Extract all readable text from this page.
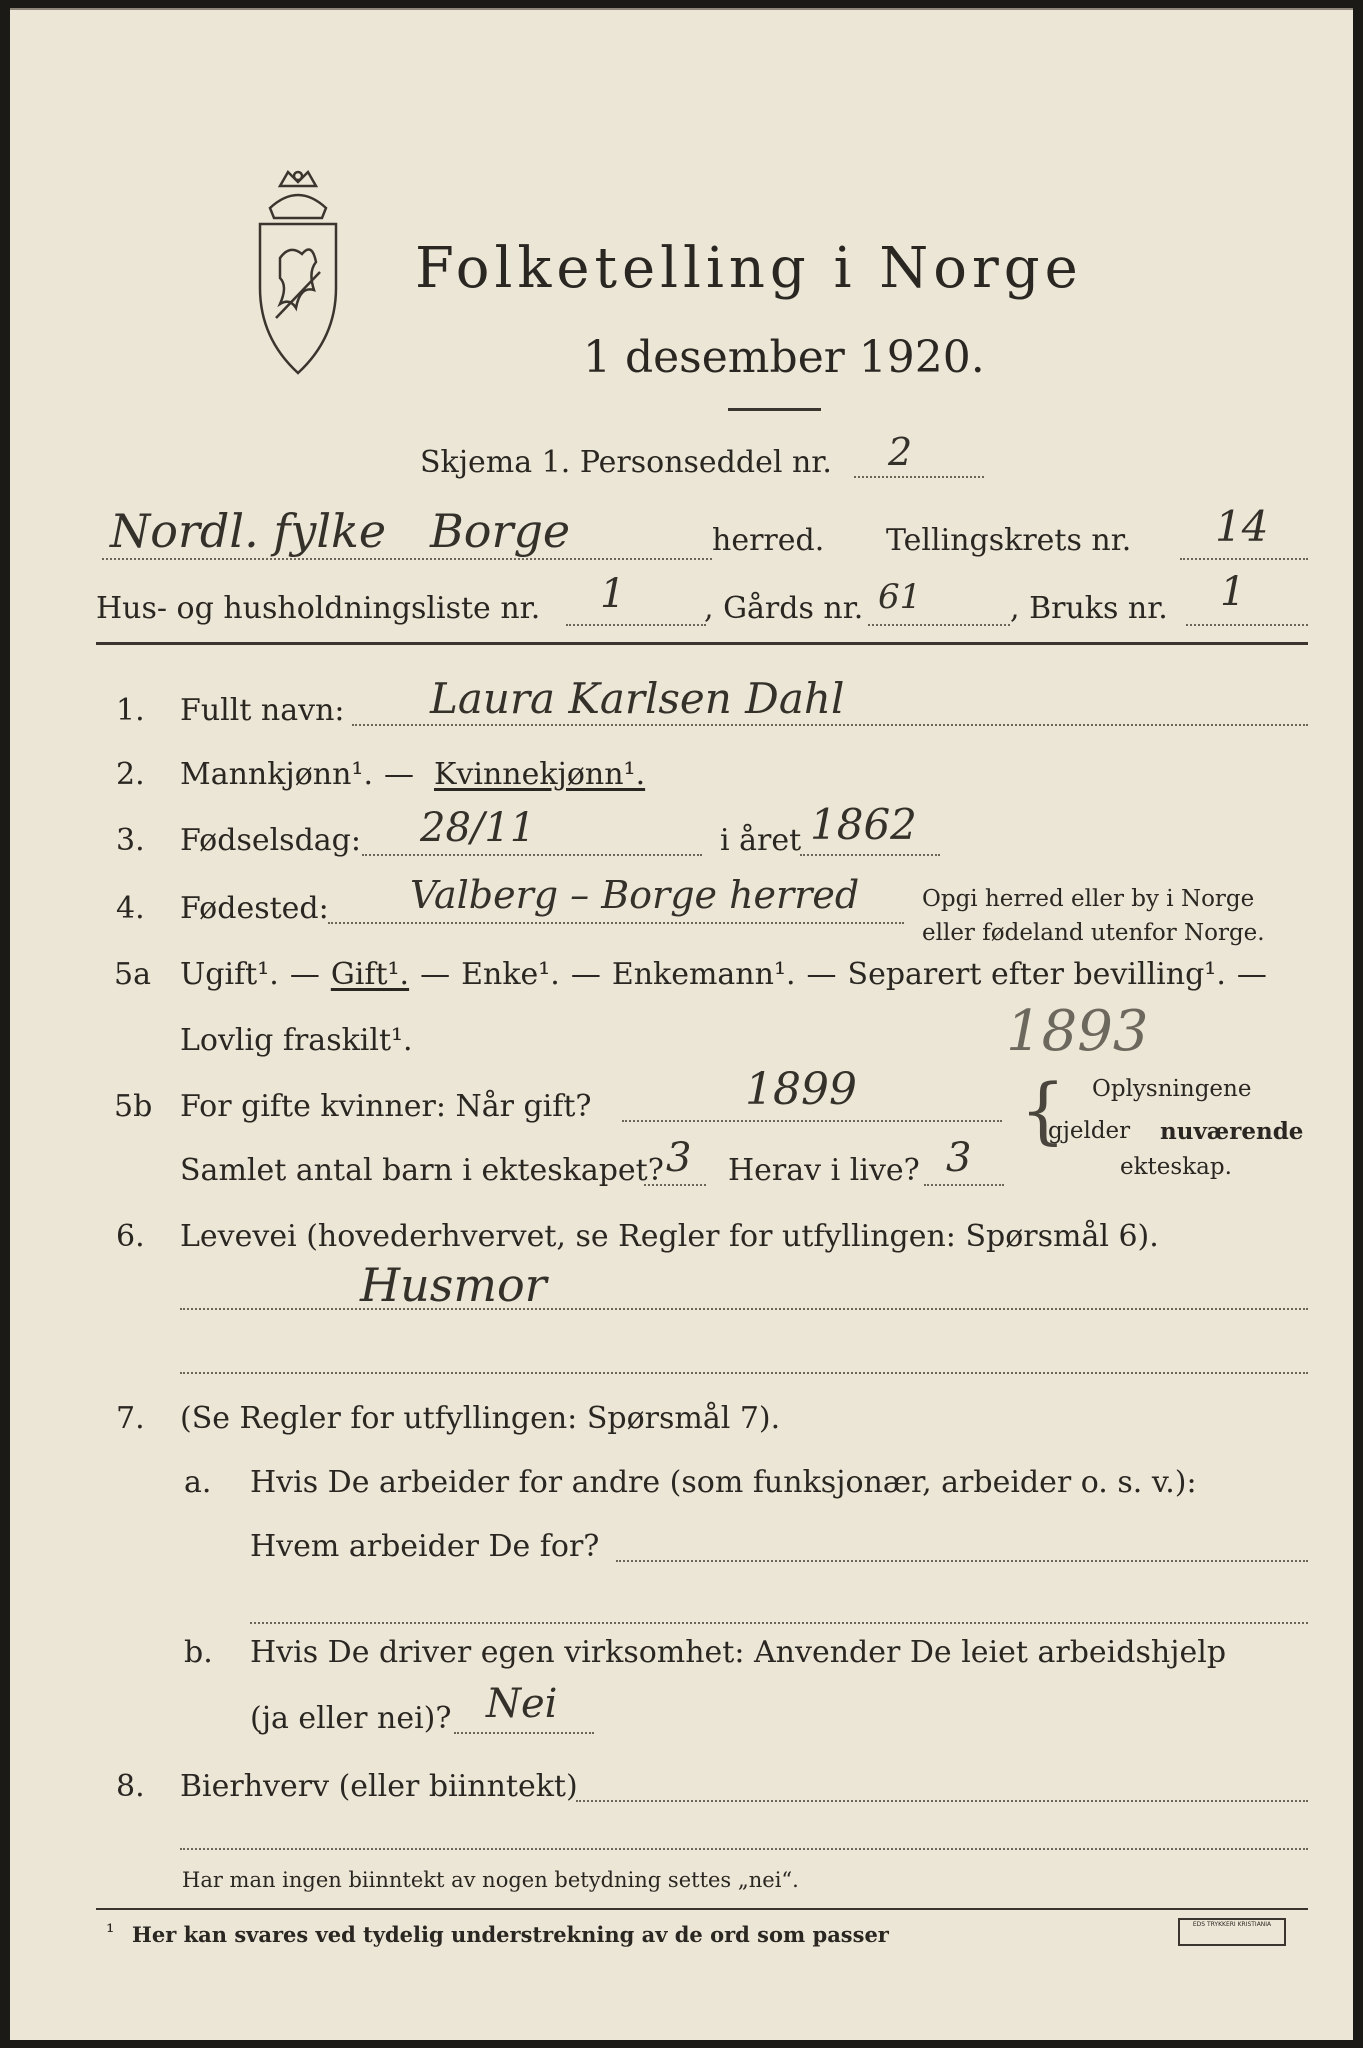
Folketelling i Norge
1 desember 1920.
Skjema 1. Personseddel nr. 2
Nordl. fylke Borge	herred. Tellingskrets nr. 14
Hus- og husholdningsliste nr. 1	, Gårds nr. 61	, Bruks nr. 1
1. Fullt navn: Laura Karlsen Dahl
2. Mannkjønn¹. — Kvinnekjønn¹.
3. Fødselsdag: 28/11	i året 1862
4. Fødested: Valberg – Borge herred	Opgi herred eller by i Norge
eller fødeland utenfor Norge.
5a Ugift¹. — Gift¹. — Enke¹. — Enkemann¹. — Separert efter bevilling¹. —
Lovlig fraskilt¹.	1893
5b For gifte kvinner: Når gift?	1899
Samlet antal barn i ekteskapet? 3 Herav i live? 3
{ Oplysningene
gjelder nuværende
ekteskap.
6. Levevei (hovederhvervet, se Regler for utfyllingen: Spørsmål 6).
Husmor
7. (Se Regler for utfyllingen: Spørsmål 7).
a. Hvis De arbeider for andre (som funksjonær, arbeider o. s. v.):
Hvem arbeider De for?
b. Hvis De driver egen virksomhet: Anvender De leiet arbeidshjelp
(ja eller nei)? Nei
8. Bierhverv (eller biinntekt)
Har man ingen biinntekt av nogen betydning settes „nei“.
¹ Her kan svares ved tydelig understrekning av de ord som passer	EDS TRYKKERI KRISTIANIA
